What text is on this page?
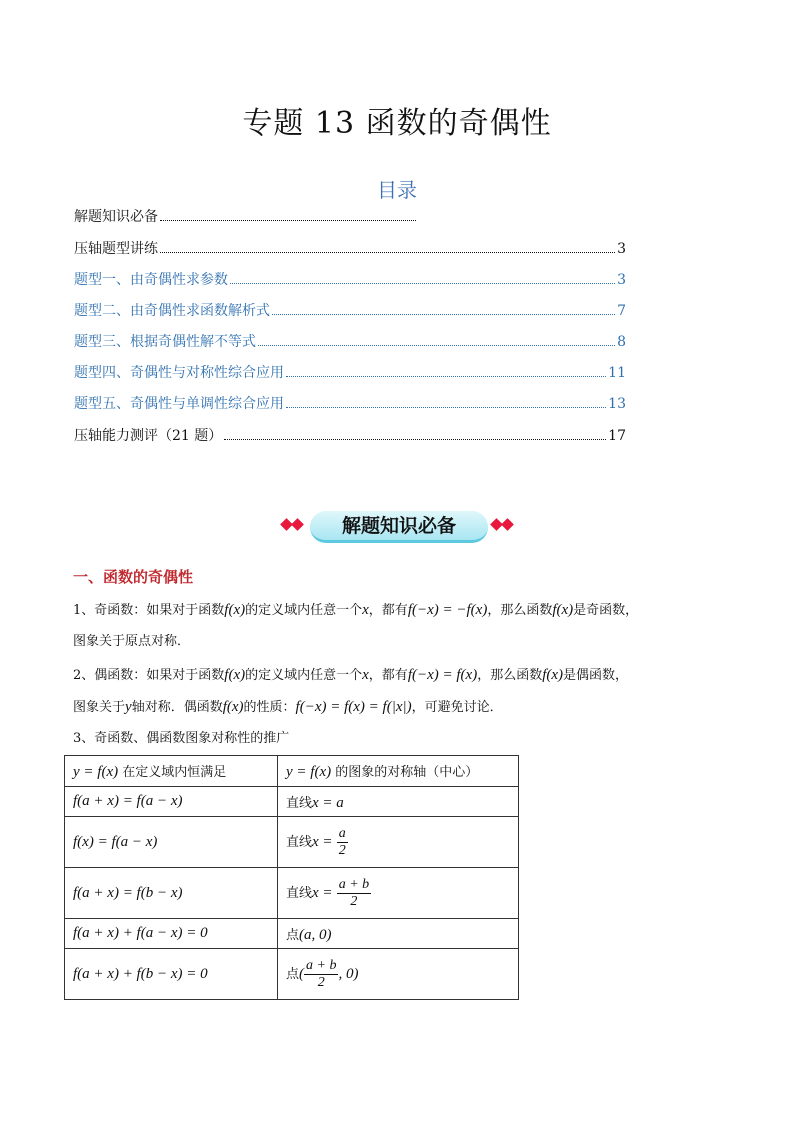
专题 13 函数的奇偶性
目录
解题知识必备
压轴题型讲练	3
题型一、由奇偶性求参数	3
题型二、由奇偶性求函数解析式	7
题型三、根据奇偶性解不等式	8
题型四、奇偶性与对称性综合应用	11
题型五、奇偶性与单调性综合应用	13
压轴能力测评（21 题）	17
解题知识必备
一、函数的奇偶性
1、奇函数：如果对于函数f(x)的定义域内任意一个x，都有f(−x) = −f(x)，那么函数f(x)是奇函数，
图象关于原点对称．
2、偶函数：如果对于函数f(x)的定义域内任意一个x，都有f(−x) = f(x)，那么函数f(x)是偶函数，
图象关于y轴对称．偶函数f(x)的性质：f(−x) = f(x) = f(|x|)，可避免讨论．
3、奇函数、偶函数图象对称性的推广
y = f(x) 在定义域内恒满足	y = f(x) 的图象的对称轴（中心）
f(a + x) = f(a − x)	直线x = a
f(x) = f(a − x)	直线$x = \frac{a}{2}$

f(a + x) = f(b − x)	直线$x = \frac{a + b}{2}$

f(a + x) + f(a − x) = 0	点(a, 0)
f(a + x) + f(b − x) = 0	点( $\frac{a + b}{2}$ , 0)
